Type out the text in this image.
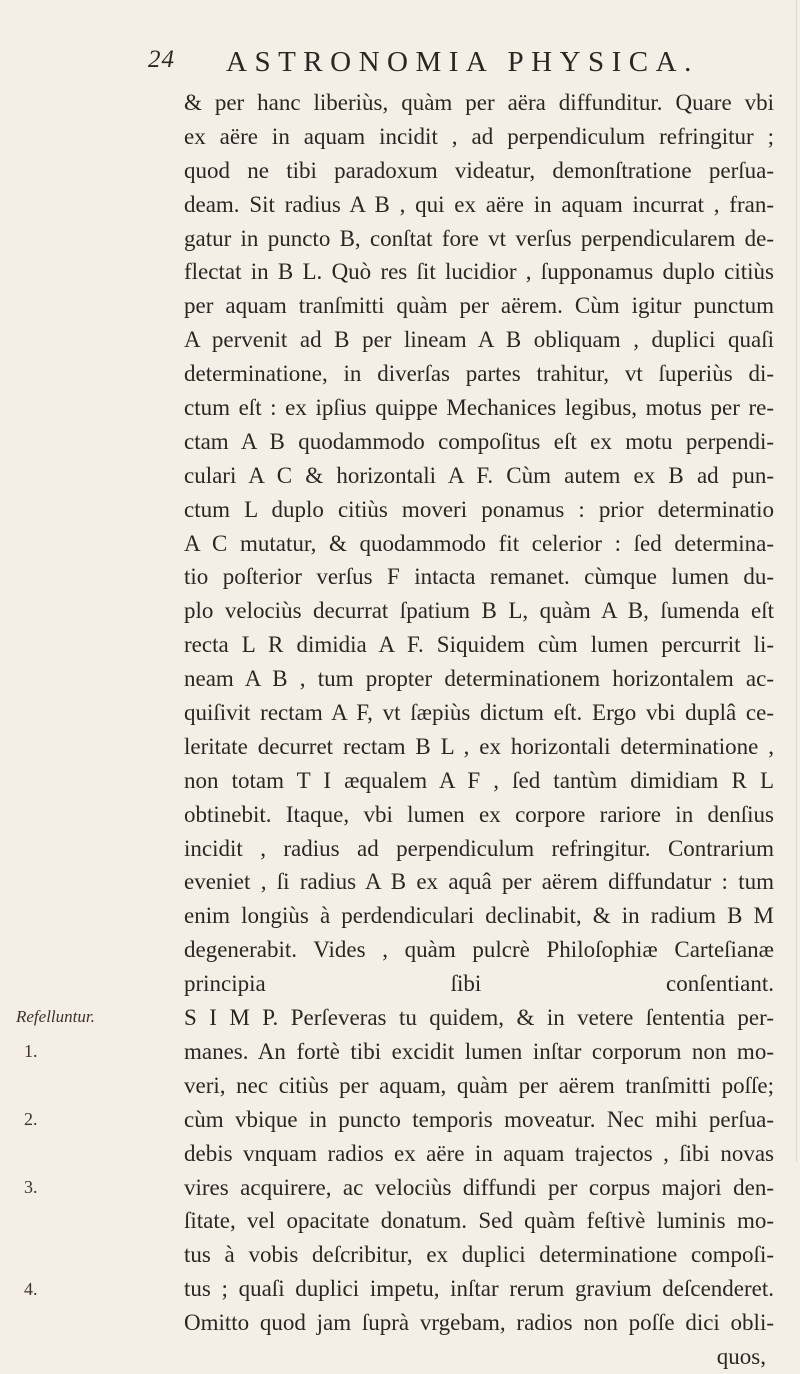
24 ASTRONOMIA PHYSICA.
& per hanc liberiùs, quàm per aëra diffunditur. Quare vbi
ex aëre in aquam incidit , ad perpendiculum refringitur ;
quod ne tibi paradoxum videatur, demonſtratione perſua-
deam. Sit radius A B , qui ex aëre in aquam incurrat , fran-
gatur in puncto B, conſtat fore vt verſus perpendicularem de-
flectat in B L. Quò res ſit lucidior , ſupponamus duplo citiùs
per aquam tranſmitti quàm per aërem. Cùm igitur punctum
A pervenit ad B per lineam A B obliquam , duplici quaſi
determinatione, in diverſas partes trahitur, vt ſuperiùs di-
ctum eſt : ex ipſius quippe Mechanices legibus, motus per re-
ctam A B quodammodo compoſitus eſt ex motu perpendi-
culari A C & horizontali A F. Cùm autem ex B ad pun-
ctum L duplo citiùs moveri ponamus : prior determinatio
A C mutatur, & quodammodo fit celerior : ſed determina-
tio poſterior verſus F intacta remanet. cùmque lumen du-
plo velociùs decurrat ſpatium B L, quàm A B, ſumenda eſt
recta L R dimidia A F. Siquidem cùm lumen percurrit li-
neam A B , tum propter determinationem horizontalem ac-
quiſivit rectam A F, vt ſæpiùs dictum eſt. Ergo vbi duplâ ce-
leritate decurret rectam B L , ex horizontali determinatione ,
non totam T I æqualem A F , ſed tantùm dimidiam R L
obtinebit. Itaque, vbi lumen ex corpore rariore in denſius
incidit , radius ad perpendiculum refringitur. Contrarium
eveniet , ſi radius A B ex aquâ per aërem diffundatur : tum
enim longiùs à perdendiculari declinabit, & in radium B M
degenerabit. Vides , quàm pulcrè Philoſophiæ Carteſianæ
principia ſibi conſentiant.
S I M P. Perſeveras tu quidem, & in vetere ſententia per-
manes. An fortè tibi excidit lumen inſtar corporum non mo-
veri, nec citiùs per aquam, quàm per aërem tranſmitti poſſe;
cùm vbique in puncto temporis moveatur. Nec mihi perſua-
debis vnquam radios ex aëre in aquam trajectos , ſibi novas
vires acquirere, ac velociùs diffundi per corpus majori den-
ſitate, vel opacitate donatum. Sed quàm feſtivè luminis mo-
tus à vobis deſcribitur, ex duplici determinatione compoſi-
tus ; quaſi duplici impetu, inſtar rerum gravium deſcenderet.
Omitto quod jam ſuprà vrgebam, radios non poſſe dici obli-
quos,
Refelluntur.
1.
2.
3.
4.
